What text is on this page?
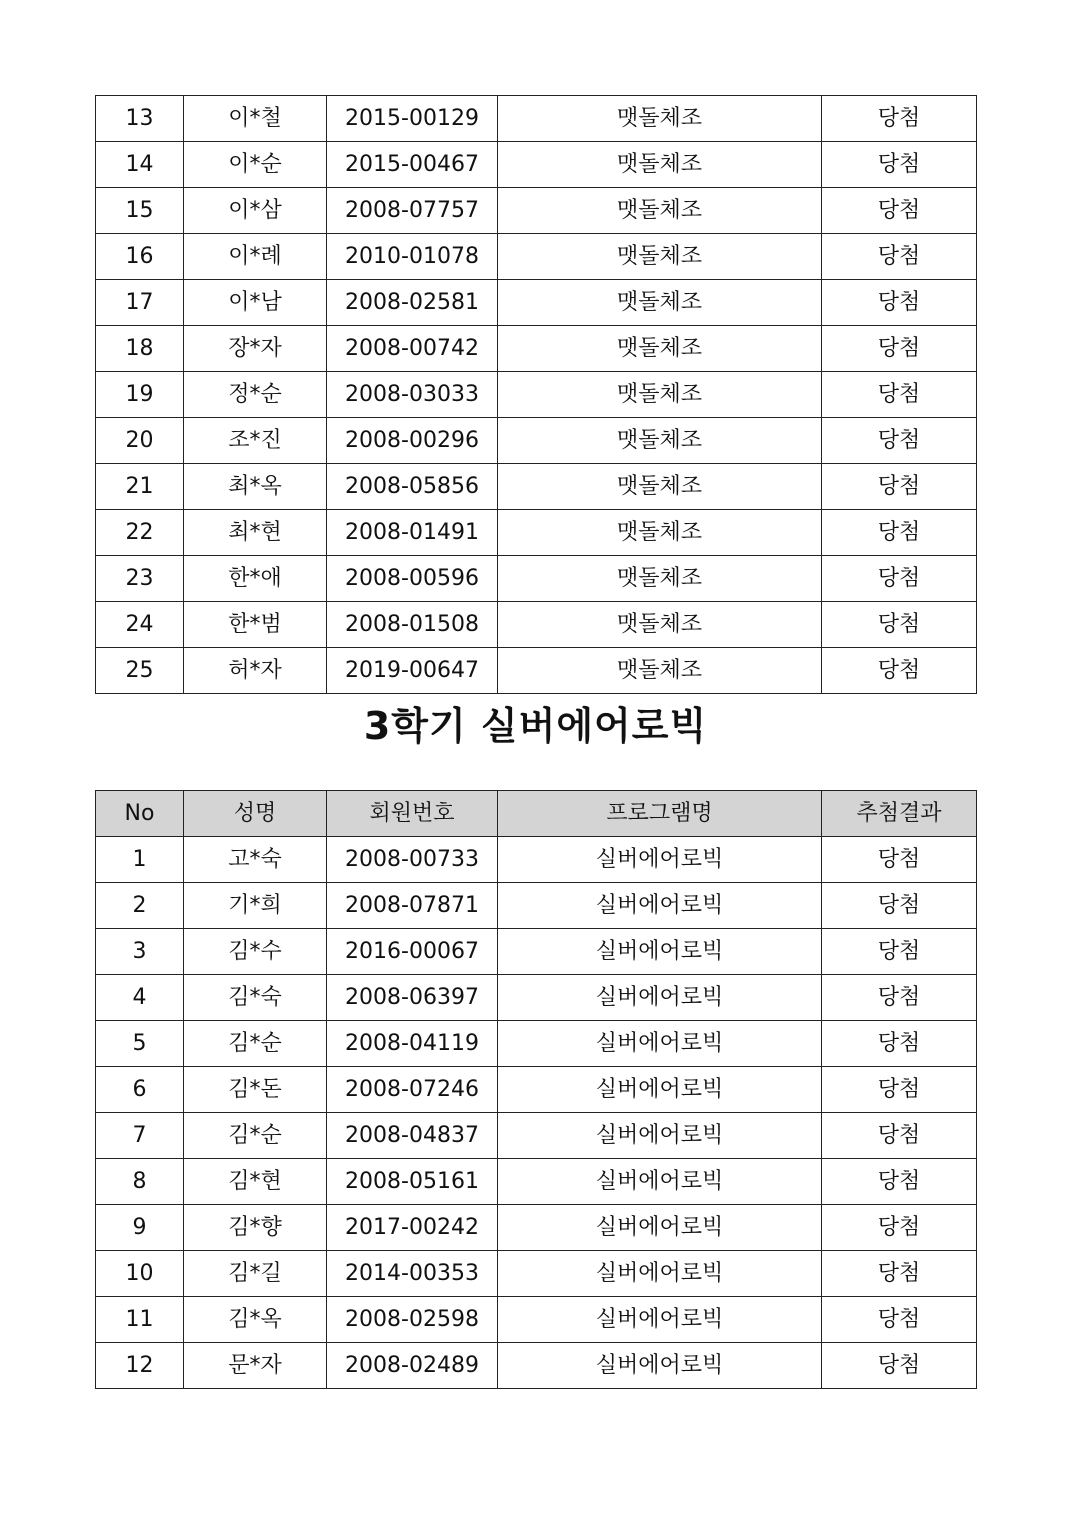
13	이*철	2015-00129	맷돌체조	당첨
14	이*순	2015-00467	맷돌체조	당첨
15	이*삼	2008-07757	맷돌체조	당첨
16	이*례	2010-01078	맷돌체조	당첨
17	이*남	2008-02581	맷돌체조	당첨
18	장*자	2008-00742	맷돌체조	당첨
19	정*순	2008-03033	맷돌체조	당첨
20	조*진	2008-00296	맷돌체조	당첨
21	최*옥	2008-05856	맷돌체조	당첨
22	최*현	2008-01491	맷돌체조	당첨
23	한*애	2008-00596	맷돌체조	당첨
24	한*범	2008-01508	맷돌체조	당첨
25	허*자	2019-00647	맷돌체조	당첨
3학기 실버에어로빅
No	성명	회원번호	프로그램명	추첨결과
1	고*숙	2008-00733	실버에어로빅	당첨
2	기*희	2008-07871	실버에어로빅	당첨
3	김*수	2016-00067	실버에어로빅	당첨
4	김*숙	2008-06397	실버에어로빅	당첨
5	김*순	2008-04119	실버에어로빅	당첨
6	김*돈	2008-07246	실버에어로빅	당첨
7	김*순	2008-04837	실버에어로빅	당첨
8	김*현	2008-05161	실버에어로빅	당첨
9	김*향	2017-00242	실버에어로빅	당첨
10	김*길	2014-00353	실버에어로빅	당첨
11	김*옥	2008-02598	실버에어로빅	당첨
12	문*자	2008-02489	실버에어로빅	당첨
